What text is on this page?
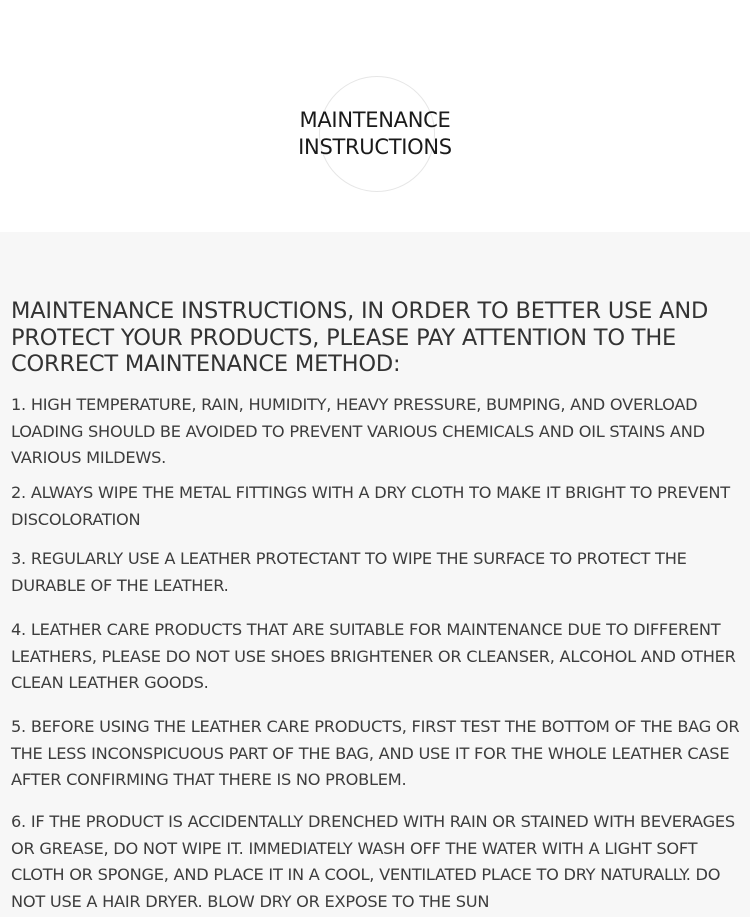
MAINTENANCE
INSTRUCTIONS

MAINTENANCE INSTRUCTIONS, IN ORDER TO BETTER USE AND PROTECT YOUR PRODUCTS, PLEASE PAY ATTENTION TO THE CORRECT MAINTENANCE METHOD:

1. HIGH TEMPERATURE, RAIN, HUMIDITY, HEAVY PRESSURE, BUMPING, AND OVERLOAD LOADING SHOULD BE AVOIDED TO PREVENT VARIOUS CHEMICALS AND OIL STAINS AND VARIOUS MILDEWS.

2. ALWAYS WIPE THE METAL FITTINGS WITH A DRY CLOTH TO MAKE IT BRIGHT TO PREVENT DISCOLORATION

3. REGULARLY USE A LEATHER PROTECTANT TO WIPE THE SURFACE TO PROTECT THE DURABLE OF THE LEATHER.

4. LEATHER CARE PRODUCTS THAT ARE SUITABLE FOR MAINTENANCE DUE TO DIFFERENT LEATHERS, PLEASE DO NOT USE SHOES BRIGHTENER OR CLEANSER, ALCOHOL AND OTHER CLEAN LEATHER GOODS.

5. BEFORE USING THE LEATHER CARE PRODUCTS, FIRST TEST THE BOTTOM OF THE BAG OR THE LESS INCONSPICUOUS PART OF THE BAG, AND USE IT FOR THE WHOLE LEATHER CASE AFTER CONFIRMING THAT THERE IS NO PROBLEM.

6. IF THE PRODUCT IS ACCIDENTALLY DRENCHED WITH RAIN OR STAINED WITH BEVERAGES OR GREASE, DO NOT WIPE IT. IMMEDIATELY WASH OFF THE WATER WITH A LIGHT SOFT CLOTH OR SPONGE, AND PLACE IT IN A COOL, VENTILATED PLACE TO DRY NATURALLY. DO NOT USE A HAIR DRYER. BLOW DRY OR EXPOSE TO THE SUN
